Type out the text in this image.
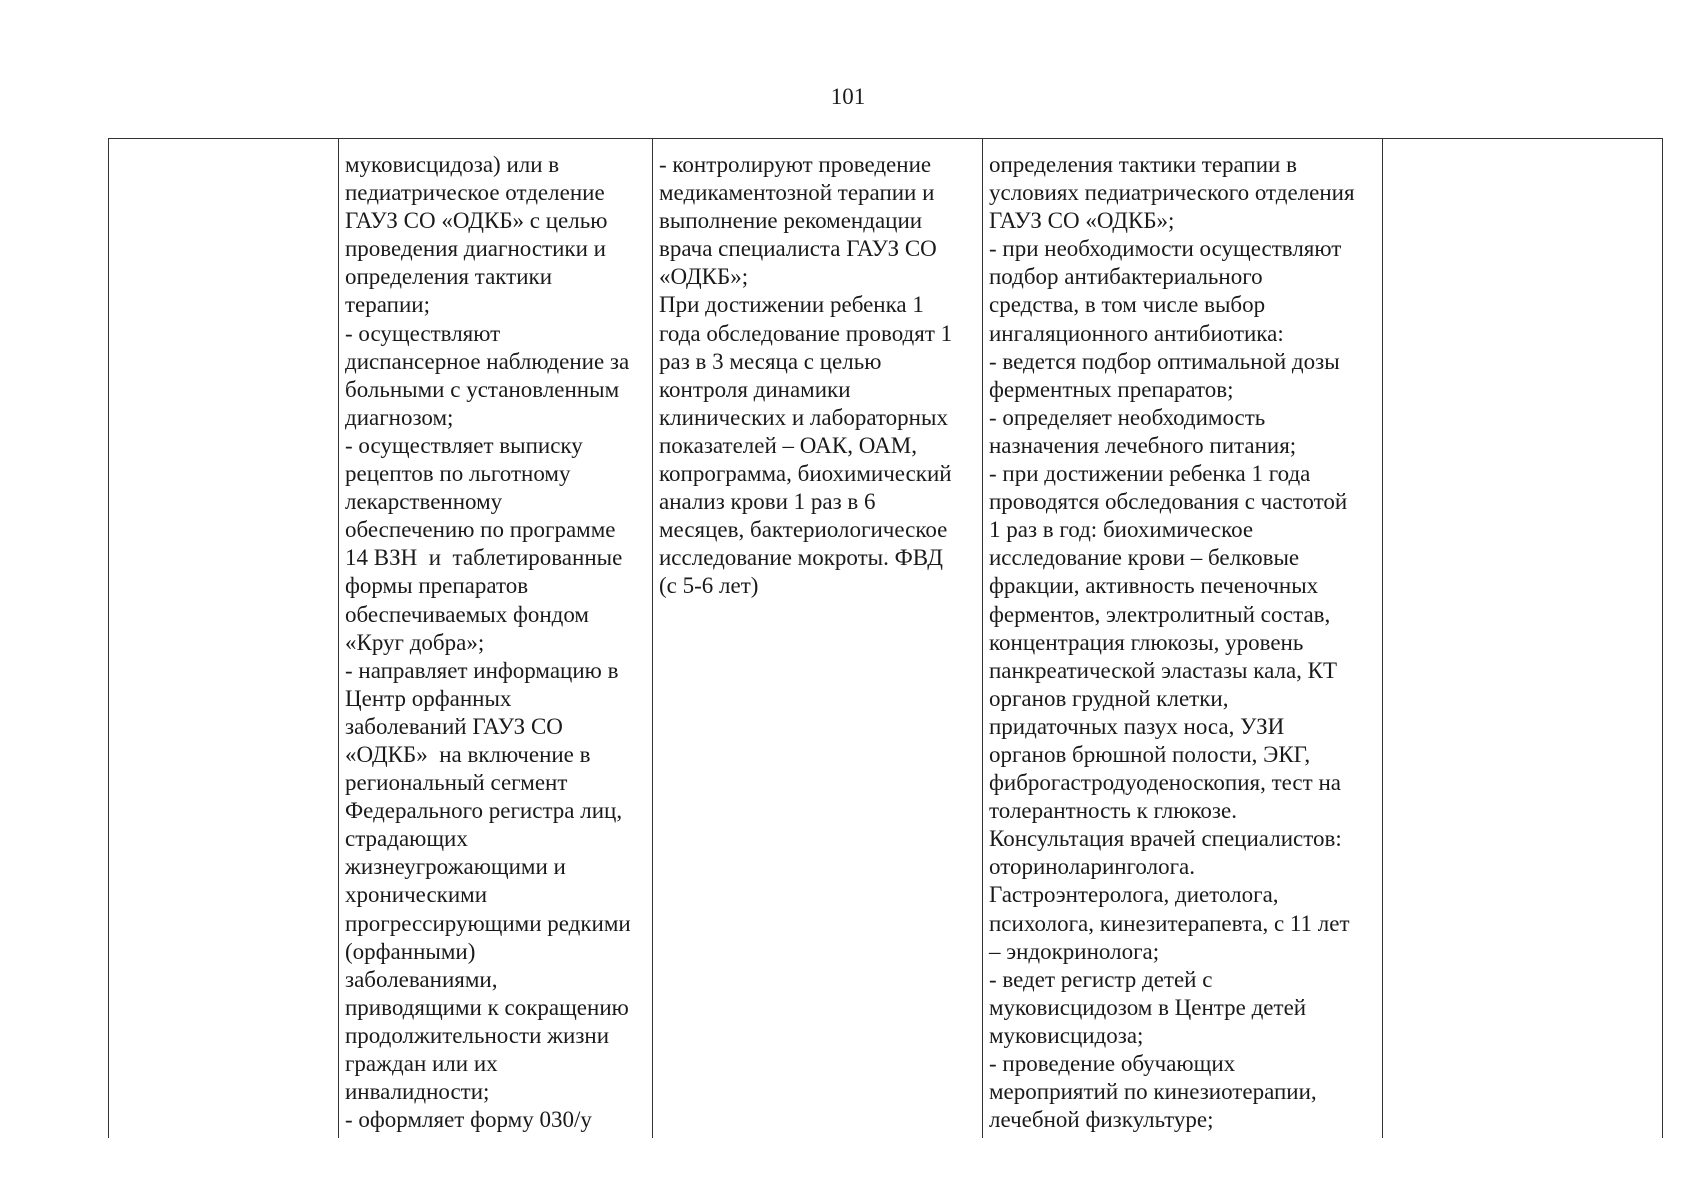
101

муковисцидоза) или в
педиатрическое отделение
ГАУЗ СО «ОДКБ» с целью
проведения диагностики и
определения тактики
терапии;
- осуществляют
диспансерное наблюдение за
больными с установленным
диагнозом;
- осуществляет выписку
рецептов по льготному
лекарственному
обеспечению по программе
14 ВЗН  и  таблетированные
формы препаратов
обеспечиваемых фондом
«Круг добра»;
- направляет информацию в
Центр орфанных
заболеваний ГАУЗ СО
«ОДКБ»  на включение в
региональный сегмент
Федерального регистра лиц,
страдающих
жизнеугрожающими и
хроническими
прогрессирующими редкими
(орфанными)
заболеваниями,
приводящими к сокращению
продолжительности жизни
граждан или их
инвалидности;
- оформляет форму 030/у

- контролируют проведение
медикаментозной терапии и
выполнение рекомендации
врача специалиста ГАУЗ СО
«ОДКБ»;
При достижении ребенка 1
года обследование проводят 1
раз в 3 месяца с целью
контроля динамики
клинических и лабораторных
показателей – ОАК, ОАМ,
копрограмма, биохимический
анализ крови 1 раз в 6
месяцев, бактериологическое
исследование мокроты. ФВД
(с 5-6 лет)

определения тактики терапии в
условиях педиатрического отделения
ГАУЗ СО «ОДКБ»;
- при необходимости осуществляют
подбор антибактериального
средства, в том числе выбор
ингаляционного антибиотика:
- ведется подбор оптимальной дозы
ферментных препаратов;
- определяет необходимость
назначения лечебного питания;
- при достижении ребенка 1 года
проводятся обследования с частотой
1 раз в год: биохимическое
исследование крови – белковые
фракции, активность печеночных
ферментов, электролитный состав,
концентрация глюкозы, уровень
панкреатической эластазы кала, КТ
органов грудной клетки,
придаточных пазух носа, УЗИ
органов брюшной полости, ЭКГ,
фиброгастродуоденоскопия, тест на
толерантность к глюкозе.
Консультация врачей специалистов:
оториноларинголога.
Гастроэнтеролога, диетолога,
психолога, кинезитерапевта, с 11 лет
– эндокринолога;
- ведет регистр детей с
муковисцидозом в Центре детей
муковисцидоза;
- проведение обучающих
мероприятий по кинезиотерапии,
лечебной физкультуре;
